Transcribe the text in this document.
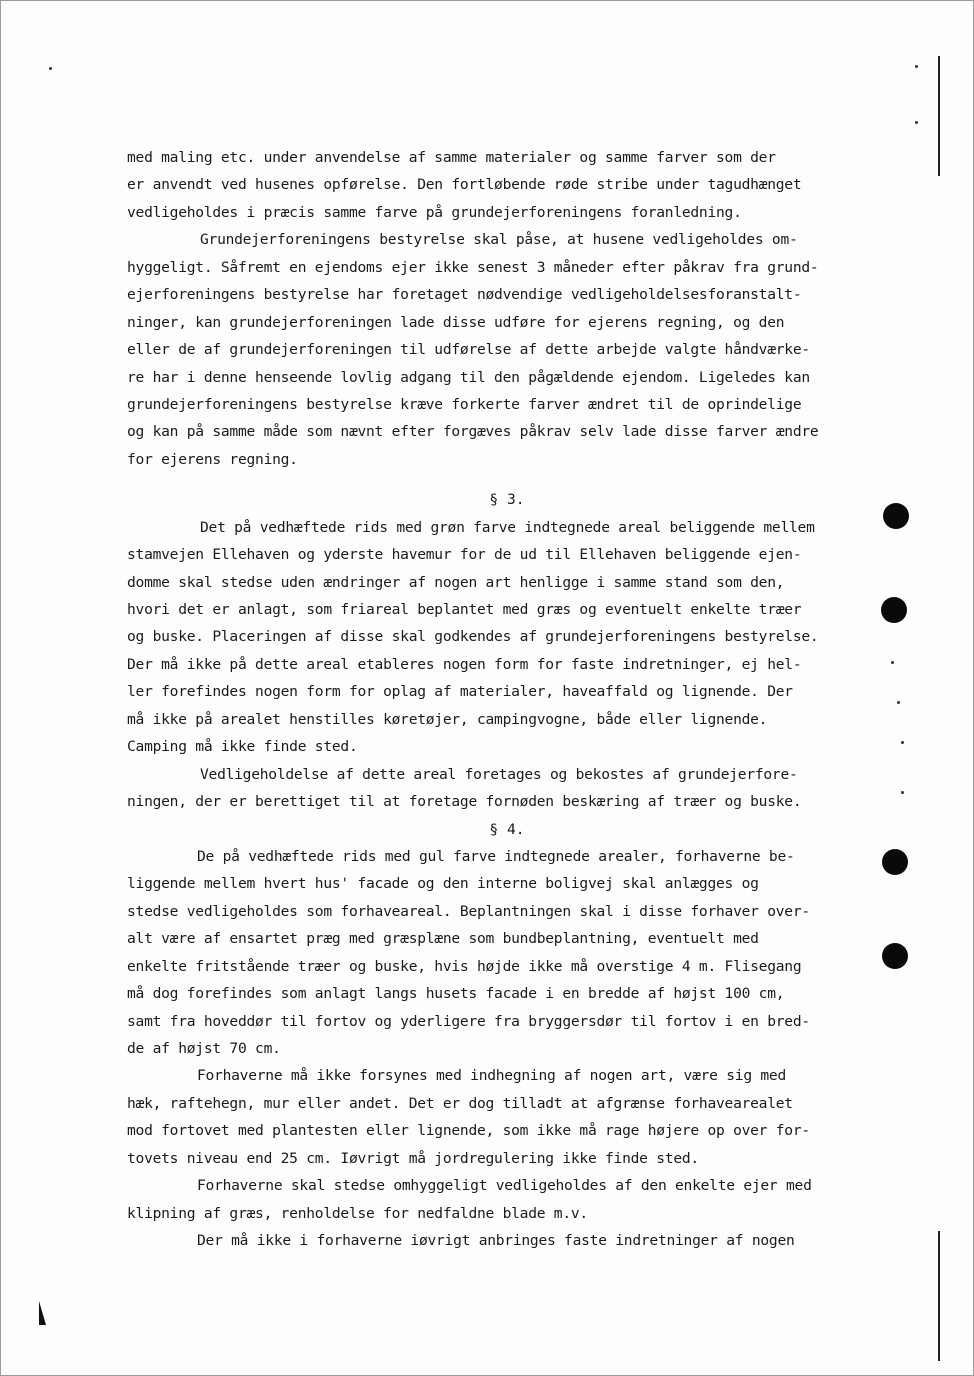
med maling etc. under anvendelse af samme materialer og samme farver som der
er anvendt ved husenes opførelse. Den fortløbende røde stribe under tagudhænget
vedligeholdes i præcis samme farve på grundejerforeningens foranledning.
Grundejerforeningens bestyrelse skal påse, at husene vedligeholdes om-
hyggeligt. Såfremt en ejendoms ejer ikke senest 3 måneder efter påkrav fra grund-
ejerforeningens bestyrelse har foretaget nødvendige vedligeholdelsesforanstalt-
ninger, kan grundejerforeningen lade disse udføre for ejerens regning, og den
eller de af grundejerforeningen til udførelse af dette arbejde valgte håndværke-
re har i denne henseende lovlig adgang til den pågældende ejendom. Ligeledes kan
grundejerforeningens bestyrelse kræve forkerte farver ændret til de oprindelige
og kan på samme måde som nævnt efter forgæves påkrav selv lade disse farver ændre
for ejerens regning.
§ 3.
Det på vedhæftede rids med grøn farve indtegnede areal beliggende mellem
stamvejen Ellehaven og yderste havemur for de ud til Ellehaven beliggende ejen-
domme skal stedse uden ændringer af nogen art henligge i samme stand som den,
hvori det er anlagt, som friareal beplantet med græs og eventuelt enkelte træer
og buske. Placeringen af disse skal godkendes af grundejerforeningens bestyrelse.
Der må ikke på dette areal etableres nogen form for faste indretninger, ej hel-
ler forefindes nogen form for oplag af materialer, haveaffald og lignende. Der
må ikke på arealet henstilles køretøjer, campingvogne, både eller lignende.
Camping må ikke finde sted.
Vedligeholdelse af dette areal foretages og bekostes af grundejerfore-
ningen, der er berettiget til at foretage fornøden beskæring af træer og buske.
§ 4.
De på vedhæftede rids med gul farve indtegnede arealer, forhaverne be-
liggende mellem hvert hus' facade og den interne boligvej skal anlægges og
stedse vedligeholdes som forhaveareal. Beplantningen skal i disse forhaver over-
alt være af ensartet præg med græsplæne som bundbeplantning, eventuelt med
enkelte fritstående træer og buske, hvis højde ikke må overstige 4 m. Flisegang
må dog forefindes som anlagt langs husets facade i en bredde af højst 100 cm,
samt fra hoveddør til fortov og yderligere fra bryggersdør til fortov i en bred-
de af højst 70 cm.
Forhaverne må ikke forsynes med indhegning af nogen art, være sig med
hæk, raftehegn, mur eller andet. Det er dog tilladt at afgrænse forhavearealet
mod fortovet med plantesten eller lignende, som ikke må rage højere op over for-
tovets niveau end 25 cm. Iøvrigt må jordregulering ikke finde sted.
Forhaverne skal stedse omhyggeligt vedligeholdes af den enkelte ejer med
klipning af græs, renholdelse for nedfaldne blade m.v.
Der må ikke i forhaverne iøvrigt anbringes faste indretninger af nogen
